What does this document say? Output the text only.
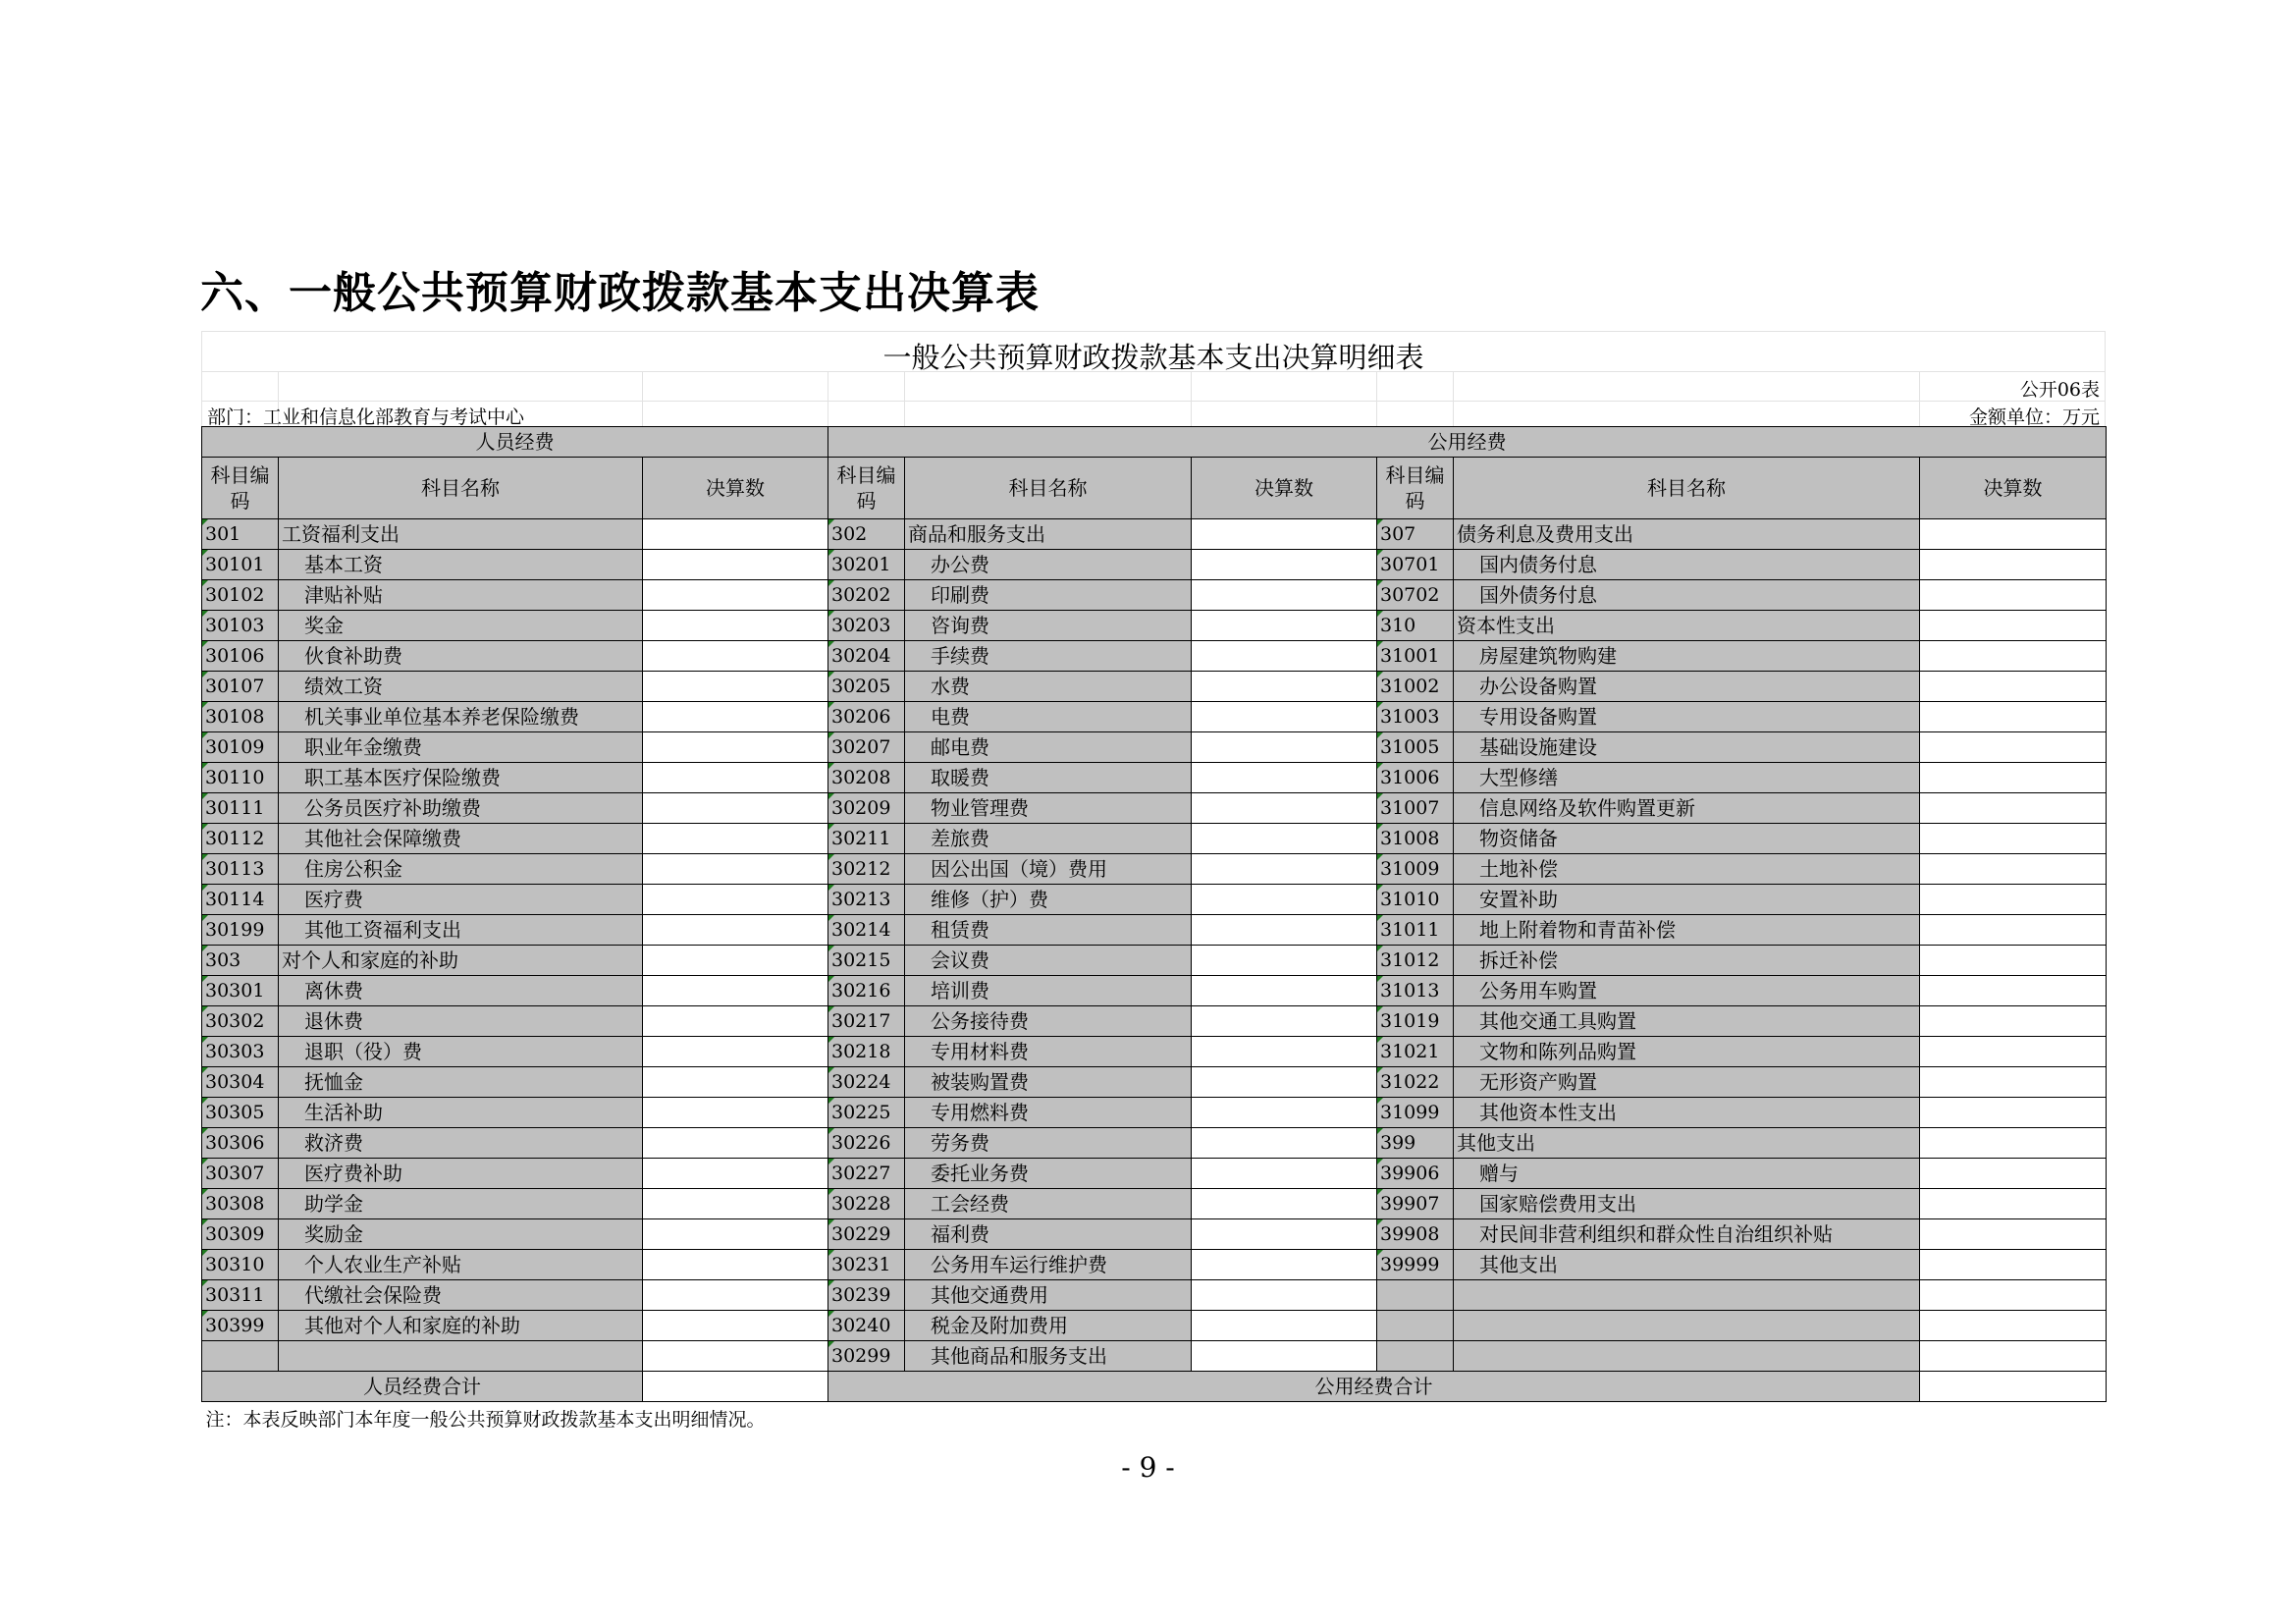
六、一般公共预算财政拨款基本支出决算表
一般公共预算财政拨款基本支出决算明细表
公开06表
部门：工业和信息化部教育与考试中心	金额单位：万元
人员经费			公用经费					
科目编码	科目名称	决算数	科目编码	科目名称	决算数	科目编码	科目名称	决算数
301	工资福利支出		302	商品和服务支出		307	债务利息及费用支出	
30101	基本工资		30201	办公费		30701	国内债务付息	
30102	津贴补贴		30202	印刷费		30702	国外债务付息	
30103	奖金		30203	咨询费		310	资本性支出	
30106	伙食补助费		30204	手续费		31001	房屋建筑物购建	
30107	绩效工资		30205	水费		31002	办公设备购置	
30108	机关事业单位基本养老保险缴费		30206	电费		31003	专用设备购置	
30109	职业年金缴费		30207	邮电费		31005	基础设施建设	
30110	职工基本医疗保险缴费		30208	取暖费		31006	大型修缮	
30111	公务员医疗补助缴费		30209	物业管理费		31007	信息网络及软件购置更新	
30112	其他社会保障缴费		30211	差旅费		31008	物资储备	
30113	住房公积金		30212	因公出国（境）费用		31009	土地补偿	
30114	医疗费		30213	维修（护）费		31010	安置补助	
30199	其他工资福利支出		30214	租赁费		31011	地上附着物和青苗补偿	
303	对个人和家庭的补助		30215	会议费		31012	拆迁补偿	
30301	离休费		30216	培训费		31013	公务用车购置	
30302	退休费		30217	公务接待费		31019	其他交通工具购置	
30303	退职（役）费		30218	专用材料费		31021	文物和陈列品购置	
30304	抚恤金		30224	被装购置费		31022	无形资产购置	
30305	生活补助		30225	专用燃料费		31099	其他资本性支出	
30306	救济费		30226	劳务费		399	其他支出	
30307	医疗费补助		30227	委托业务费		39906	赠与	
30308	助学金		30228	工会经费		39907	国家赔偿费用支出	
30309	奖励金		30229	福利费		39908	对民间非营利组织和群众性自治组织补贴	
30310	个人农业生产补贴		30231	公务用车运行维护费		39999	其他支出	
30311	代缴社会保险费		30239	其他交通费用				
30399	其他对个人和家庭的补助		30240	税金及附加费用				
			30299	其他商品和服务支出				
人员经费合计			公用经费合计					
注：本表反映部门本年度一般公共预算财政拨款基本支出明细情况。								
- 9 -
